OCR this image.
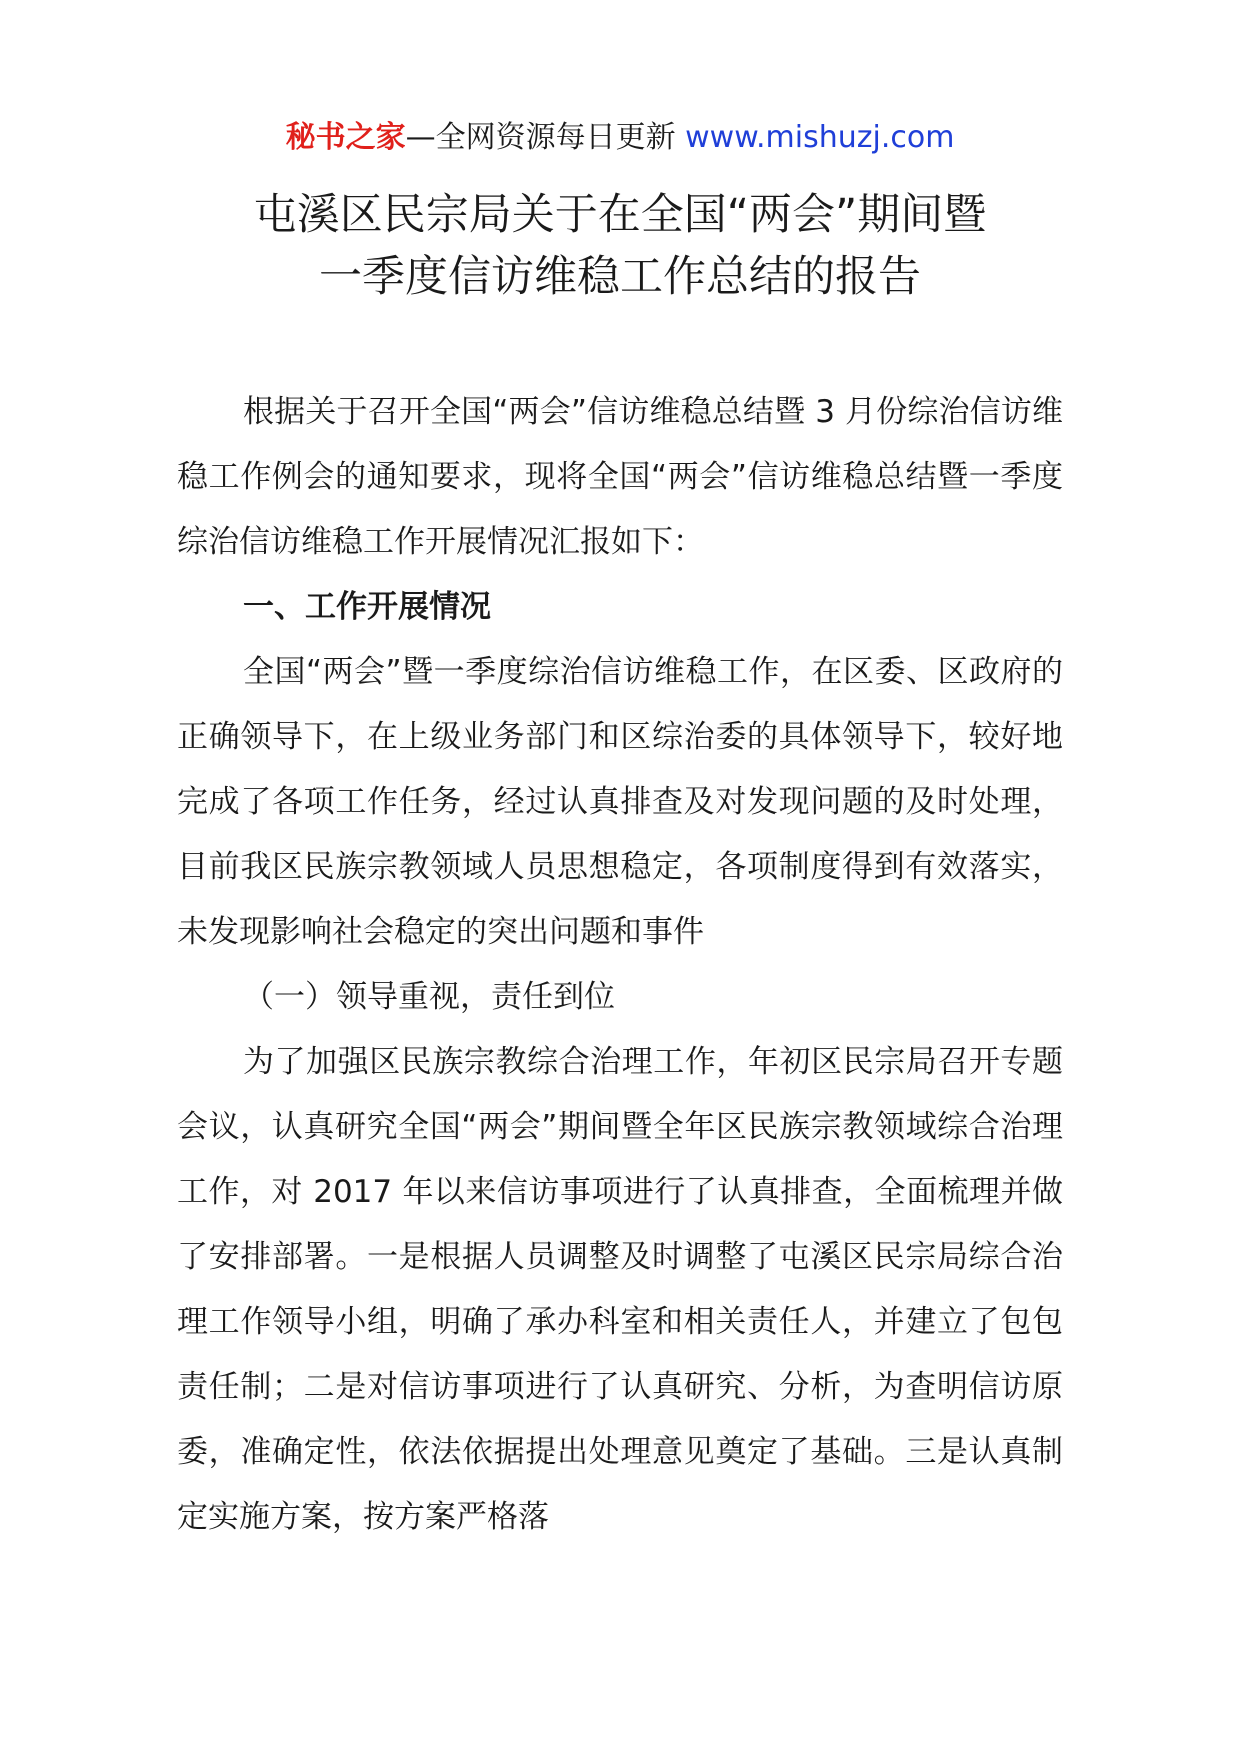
秘书之家—全网资源每日更新 www.mishuzj.com
屯溪区民宗局关于在全国“两会”期间暨
一季度信访维稳工作总结的报告

根据关于召开全国“两会”信访维稳总结暨 3 月份综治信访维稳工作例会的通知要求，现将全国“两会”信访维稳总结暨一季度综治信访维稳工作开展情况汇报如下：

一、工作开展情况

全国“两会”暨一季度综治信访维稳工作，在区委、区政府的正确领导下，在上级业务部门和区综治委的具体领导下，较好地完成了各项工作任务，经过认真排查及对发现问题的及时处理，目前我区民族宗教领域人员思想稳定，各项制度得到有效落实，未发现影响社会稳定的突出问题和事件

（一）领导重视，责任到位

为了加强区民族宗教综合治理工作，年初区民宗局召开专题会议，认真研究全国“两会”期间暨全年区民族宗教领域综合治理工作，对 2017 年以来信访事项进行了认真排查，全面梳理并做了安排部署。一是根据人员调整及时调整了屯溪区民宗局综合治理工作领导小组，明确了承办科室和相关责任人，并建立了包包责任制；二是对信访事项进行了认真研究、分析，为查明信访原委，准确定性，依法依据提出处理意见奠定了基础。三是认真制定实施方案，按方案严格落
